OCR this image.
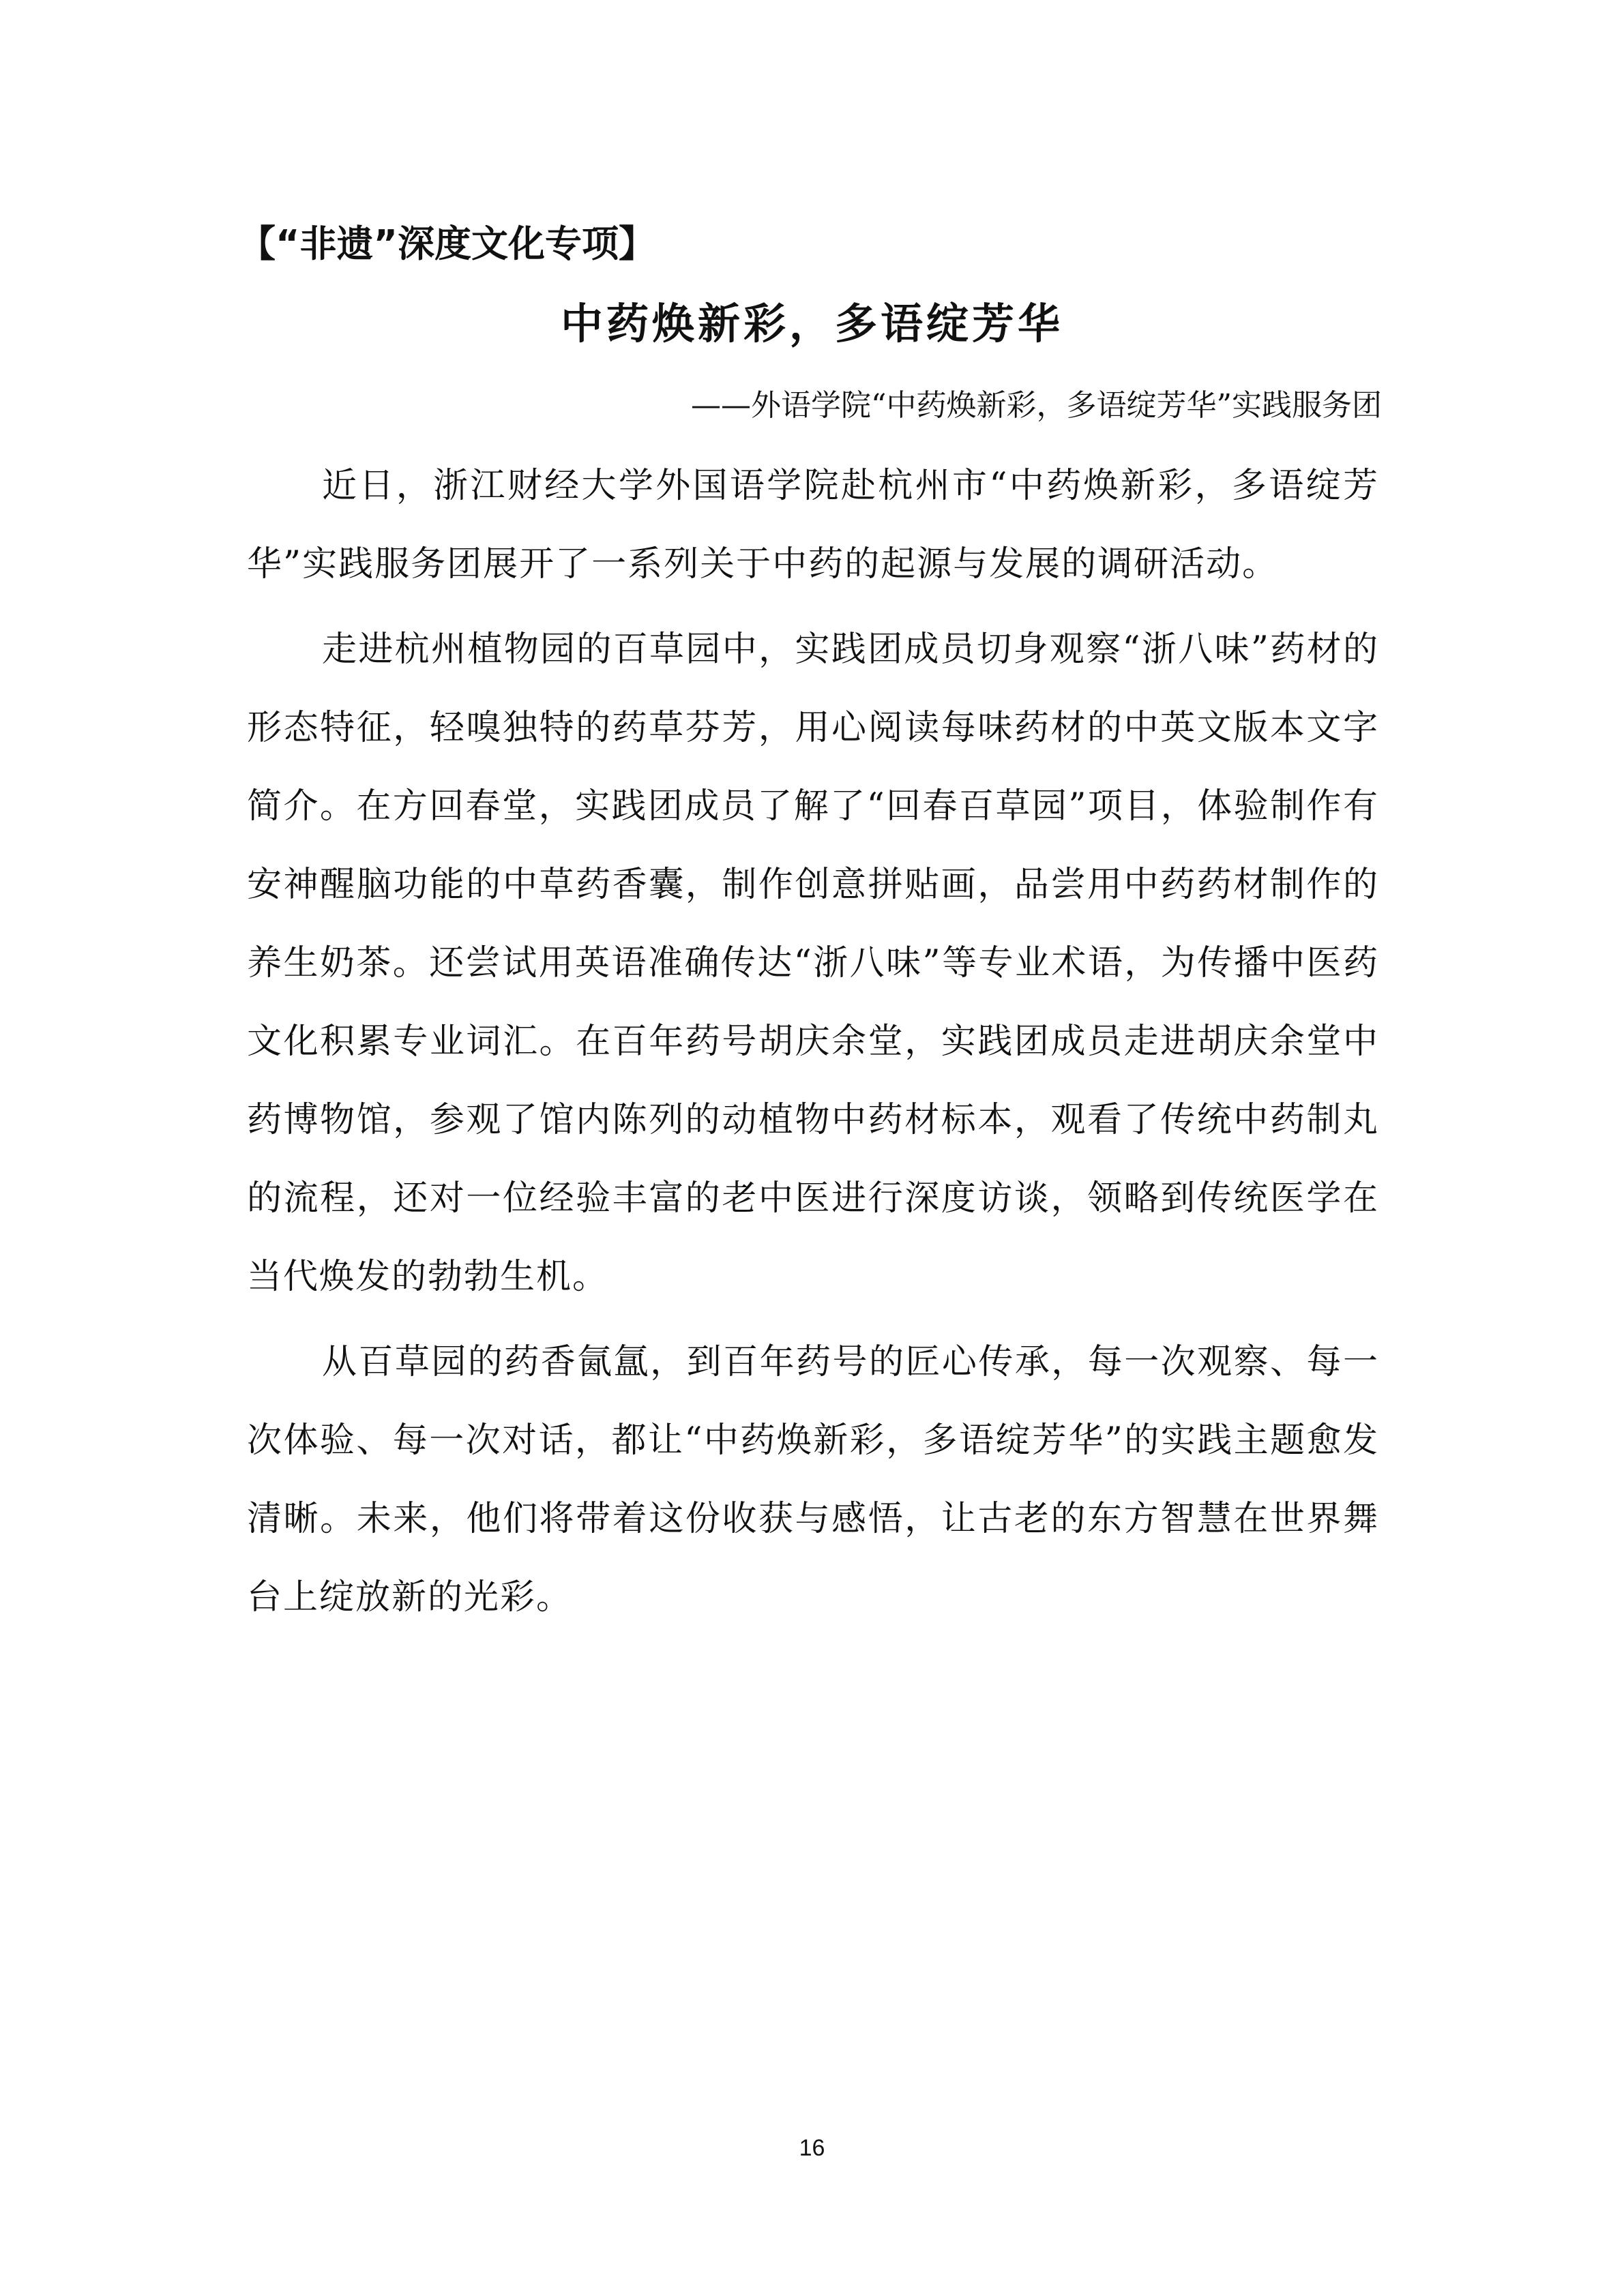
【“非遗”深度文化专项】

中药焕新彩，多语绽芳华

——外语学院“中药焕新彩，多语绽芳华”实践服务团

近日，浙江财经大学外国语学院赴杭州市“中药焕新彩，多语绽芳华”实践服务团展开了一系列关于中药的起源与发展的调研活动。

走进杭州植物园的百草园中，实践团成员切身观察“浙八味”药材的形态特征，轻嗅独特的药草芬芳，用心阅读每味药材的中英文版本文字简介。在方回春堂，实践团成员了解了“回春百草园”项目，体验制作有安神醒脑功能的中草药香囊，制作创意拼贴画，品尝用中药药材制作的养生奶茶。还尝试用英语准确传达“浙八味”等专业术语，为传播中医药文化积累专业词汇。在百年药号胡庆余堂，实践团成员走进胡庆余堂中药博物馆，参观了馆内陈列的动植物中药材标本，观看了传统中药制丸的流程，还对一位经验丰富的老中医进行深度访谈，领略到传统医学在当代焕发的勃勃生机。

从百草园的药香氤氲，到百年药号的匠心传承，每一次观察、每一次体验、每一次对话，都让“中药焕新彩，多语绽芳华”的实践主题愈发清晰。未来，他们将带着这份收获与感悟，让古老的东方智慧在世界舞台上绽放新的光彩。

16
